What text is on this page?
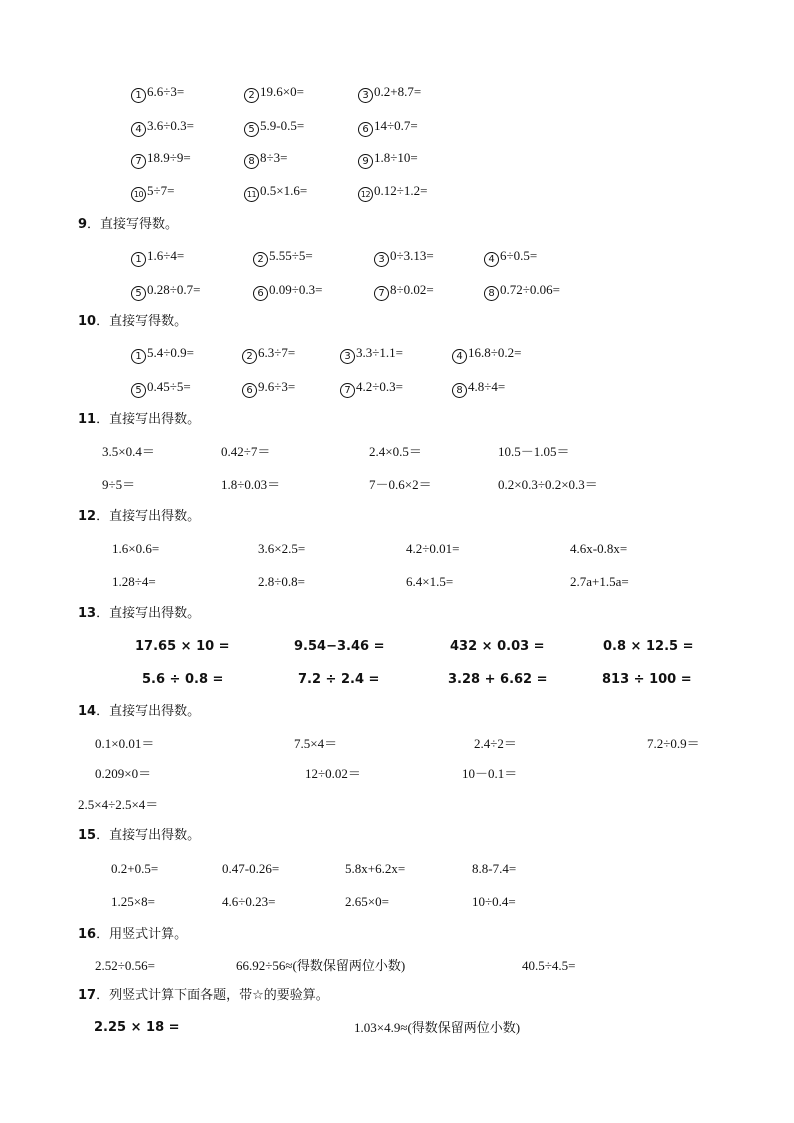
1 6.6÷3=	2 19.6×0=	3 0.2+8.7=
4 3.6÷0.3=	5 5.9-0.5=	6 14÷0.7=
7 18.9÷9=	8 8÷3=	9 1.8÷10=
10 5÷7=	11 0.5×1.6=	12 0.12÷1.2=
9．直接写得数。
1 1.6÷4=	2 5.55÷5=	3 0÷3.13=	4 6÷0.5=
5 0.28÷0.7=	6 0.09÷0.3=	7 8÷0.02=	8 0.72÷0.06=
10．直接写得数。
1 5.4÷0.9=	2 6.3÷7=	3 3.3÷1.1=	4 16.8÷0.2=
5 0.45÷5=	6 9.6÷3=	7 4.2÷0.3=	8 4.8÷4=
11．直接写出得数。
3.5×0.4＝	0.42÷7＝	2.4×0.5＝	10.5－1.05＝
9÷5＝	1.8÷0.03＝	7－0.6×2＝	0.2×0.3÷0.2×0.3＝
12．直接写出得数。
1.6×0.6=	3.6×2.5=	4.2÷0.01=	4.6x-0.8x=
1.28÷4=	2.8÷0.8=	6.4×1.5=	2.7a+1.5a=
13．直接写出得数。
17.65 × 10 =	9.54−3.46 =	432 × 0.03 =	0.8 × 12.5 =
5.6 ÷ 0.8 =	7.2 ÷ 2.4 =	3.28 + 6.62 =	813 ÷ 100 =
14．直接写出得数。
0.1×0.01＝	7.5×4＝	2.4÷2＝	7.2÷0.9＝
0.209×0＝	12÷0.02＝	10－0.1＝
2.5×4÷2.5×4＝
15．直接写出得数。
0.2+0.5=	0.47-0.26=	5.8x+6.2x=	8.8-7.4=
1.25×8=	4.6÷0.23=	2.65×0=	10÷0.4=
16．用竖式计算。
2.52÷0.56=	66.92÷56≈(得数保留两位小数)	40.5÷4.5=
17．列竖式计算下面各题，带☆的要验算。
2.25 × 18 =	1.03×4.9≈(得数保留两位小数)
